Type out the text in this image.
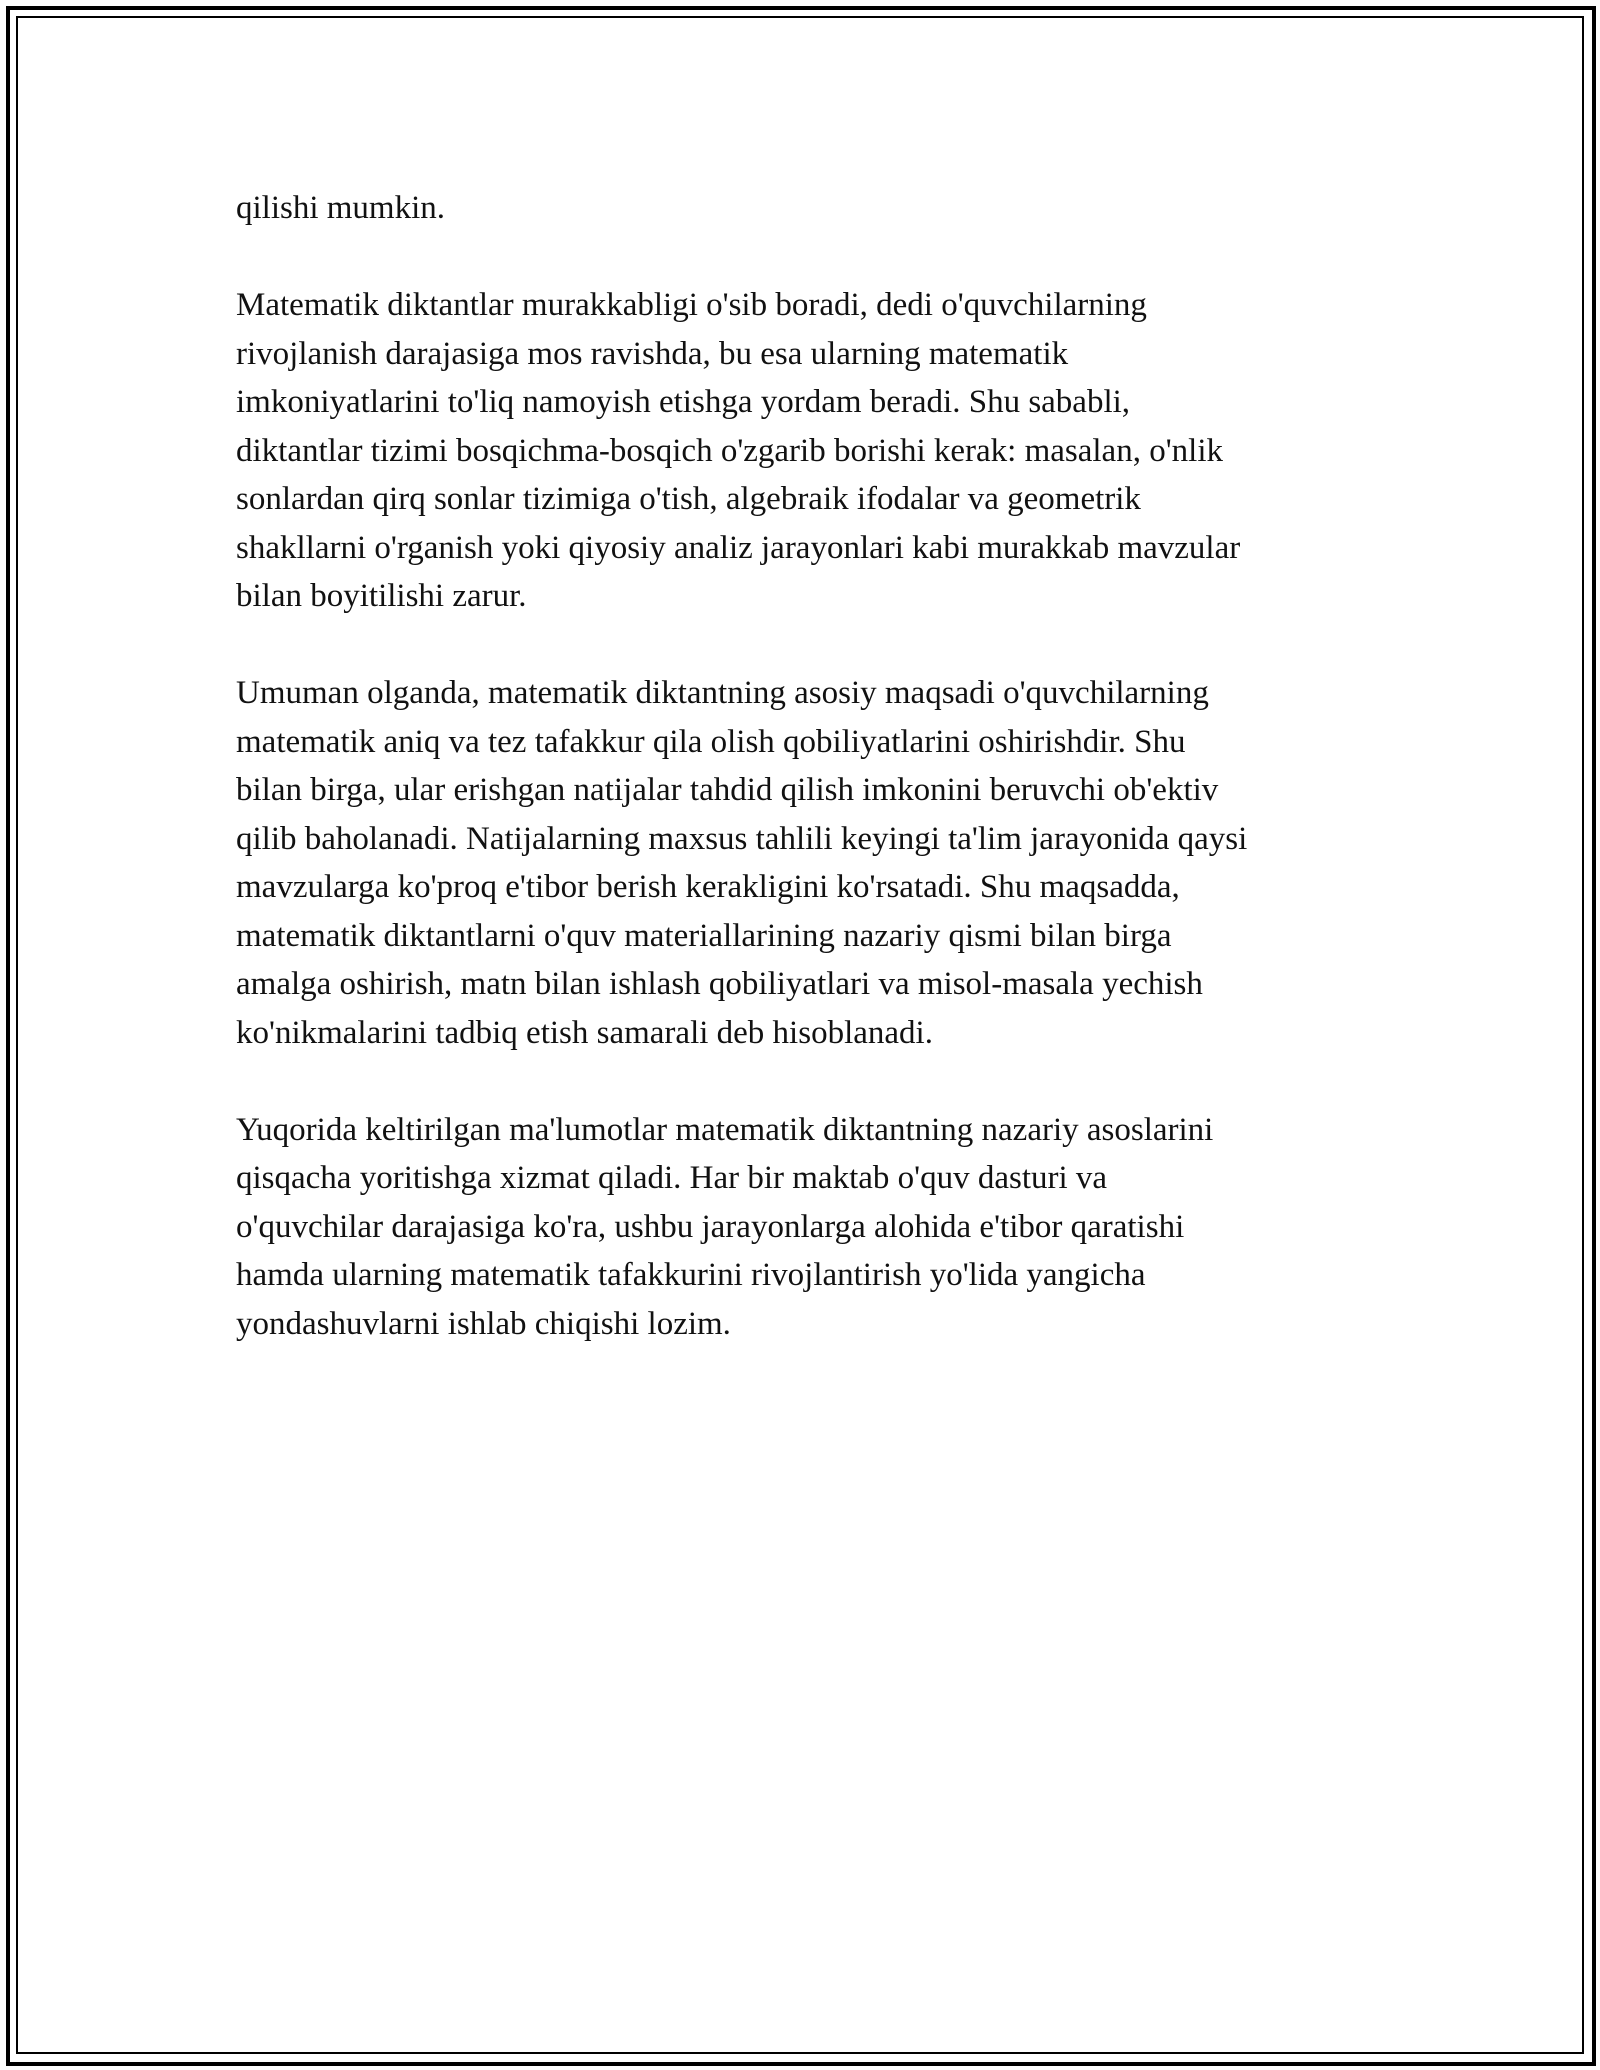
qilishi mumkin.

Matematik diktantlar murakkabligi o'sib boradi, dedi o'quvchilarning
rivojlanish darajasiga mos ravishda, bu esa ularning matematik
imkoniyatlarini to'liq namoyish etishga yordam beradi. Shu sababli,
diktantlar tizimi bosqichma-bosqich o'zgarib borishi kerak: masalan, o'nlik
sonlardan qirq sonlar tizimiga o'tish, algebraik ifodalar va geometrik
shakllarni o'rganish yoki qiyosiy analiz jarayonlari kabi murakkab mavzular
bilan boyitilishi zarur.

Umuman olganda, matematik diktantning asosiy maqsadi o'quvchilarning
matematik aniq va tez tafakkur qila olish qobiliyatlarini oshirishdir. Shu
bilan birga, ular erishgan natijalar tahdid qilish imkonini beruvchi ob'ektiv
qilib baholanadi. Natijalarning maxsus tahlili keyingi ta'lim jarayonida qaysi
mavzularga ko'proq e'tibor berish kerakligini ko'rsatadi. Shu maqsadda,
matematik diktantlarni o'quv materiallarining nazariy qismi bilan birga
amalga oshirish, matn bilan ishlash qobiliyatlari va misol-masala yechish
ko'nikmalarini tadbiq etish samarali deb hisoblanadi.

Yuqorida keltirilgan ma'lumotlar matematik diktantning nazariy asoslarini
qisqacha yoritishga xizmat qiladi. Har bir maktab o'quv dasturi va
o'quvchilar darajasiga ko'ra, ushbu jarayonlarga alohida e'tibor qaratishi
hamda ularning matematik tafakkurini rivojlantirish yo'lida yangicha
yondashuvlarni ishlab chiqishi lozim.
